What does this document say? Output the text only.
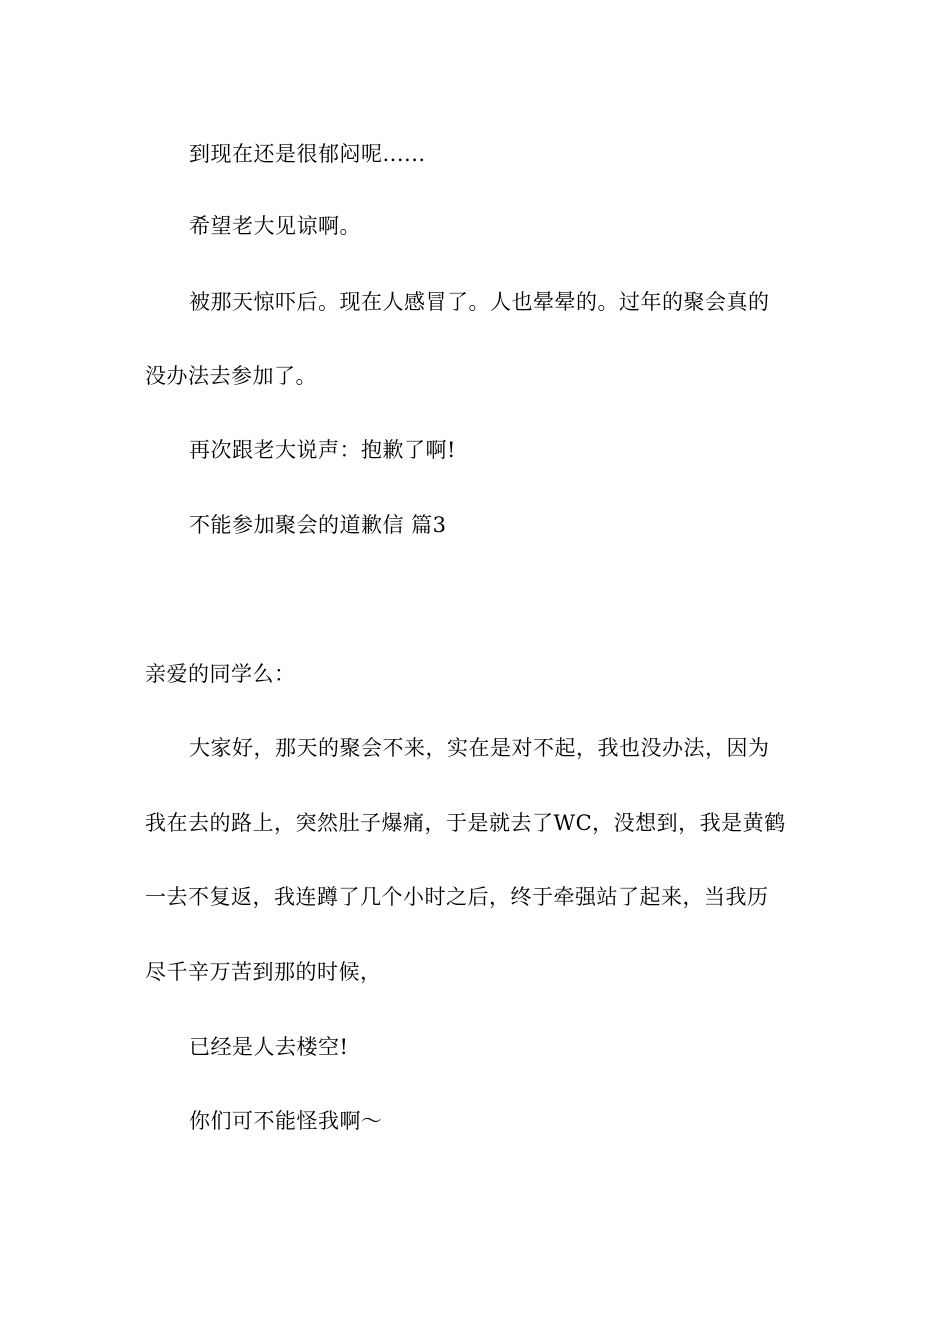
到现在还是很郁闷呢......
希望老大见谅啊。
被那天惊吓后。现在人感冒了。人也晕晕的。过年的聚会真的
没办法去参加了。
再次跟老大说声：抱歉了啊!
不能参加聚会的道歉信 篇3
亲爱的同学么：
大家好，那天的聚会不来，实在是对不起，我也没办法，因为
我在去的路上，突然肚子爆痛，于是就去了WC，没想到，我是黄鹤
一去不复返，我连蹲了几个小时之后，终于牵强站了起来，当我历
尽千辛万苦到那的时候，
已经是人去楼空!
你们可不能怪我啊～
